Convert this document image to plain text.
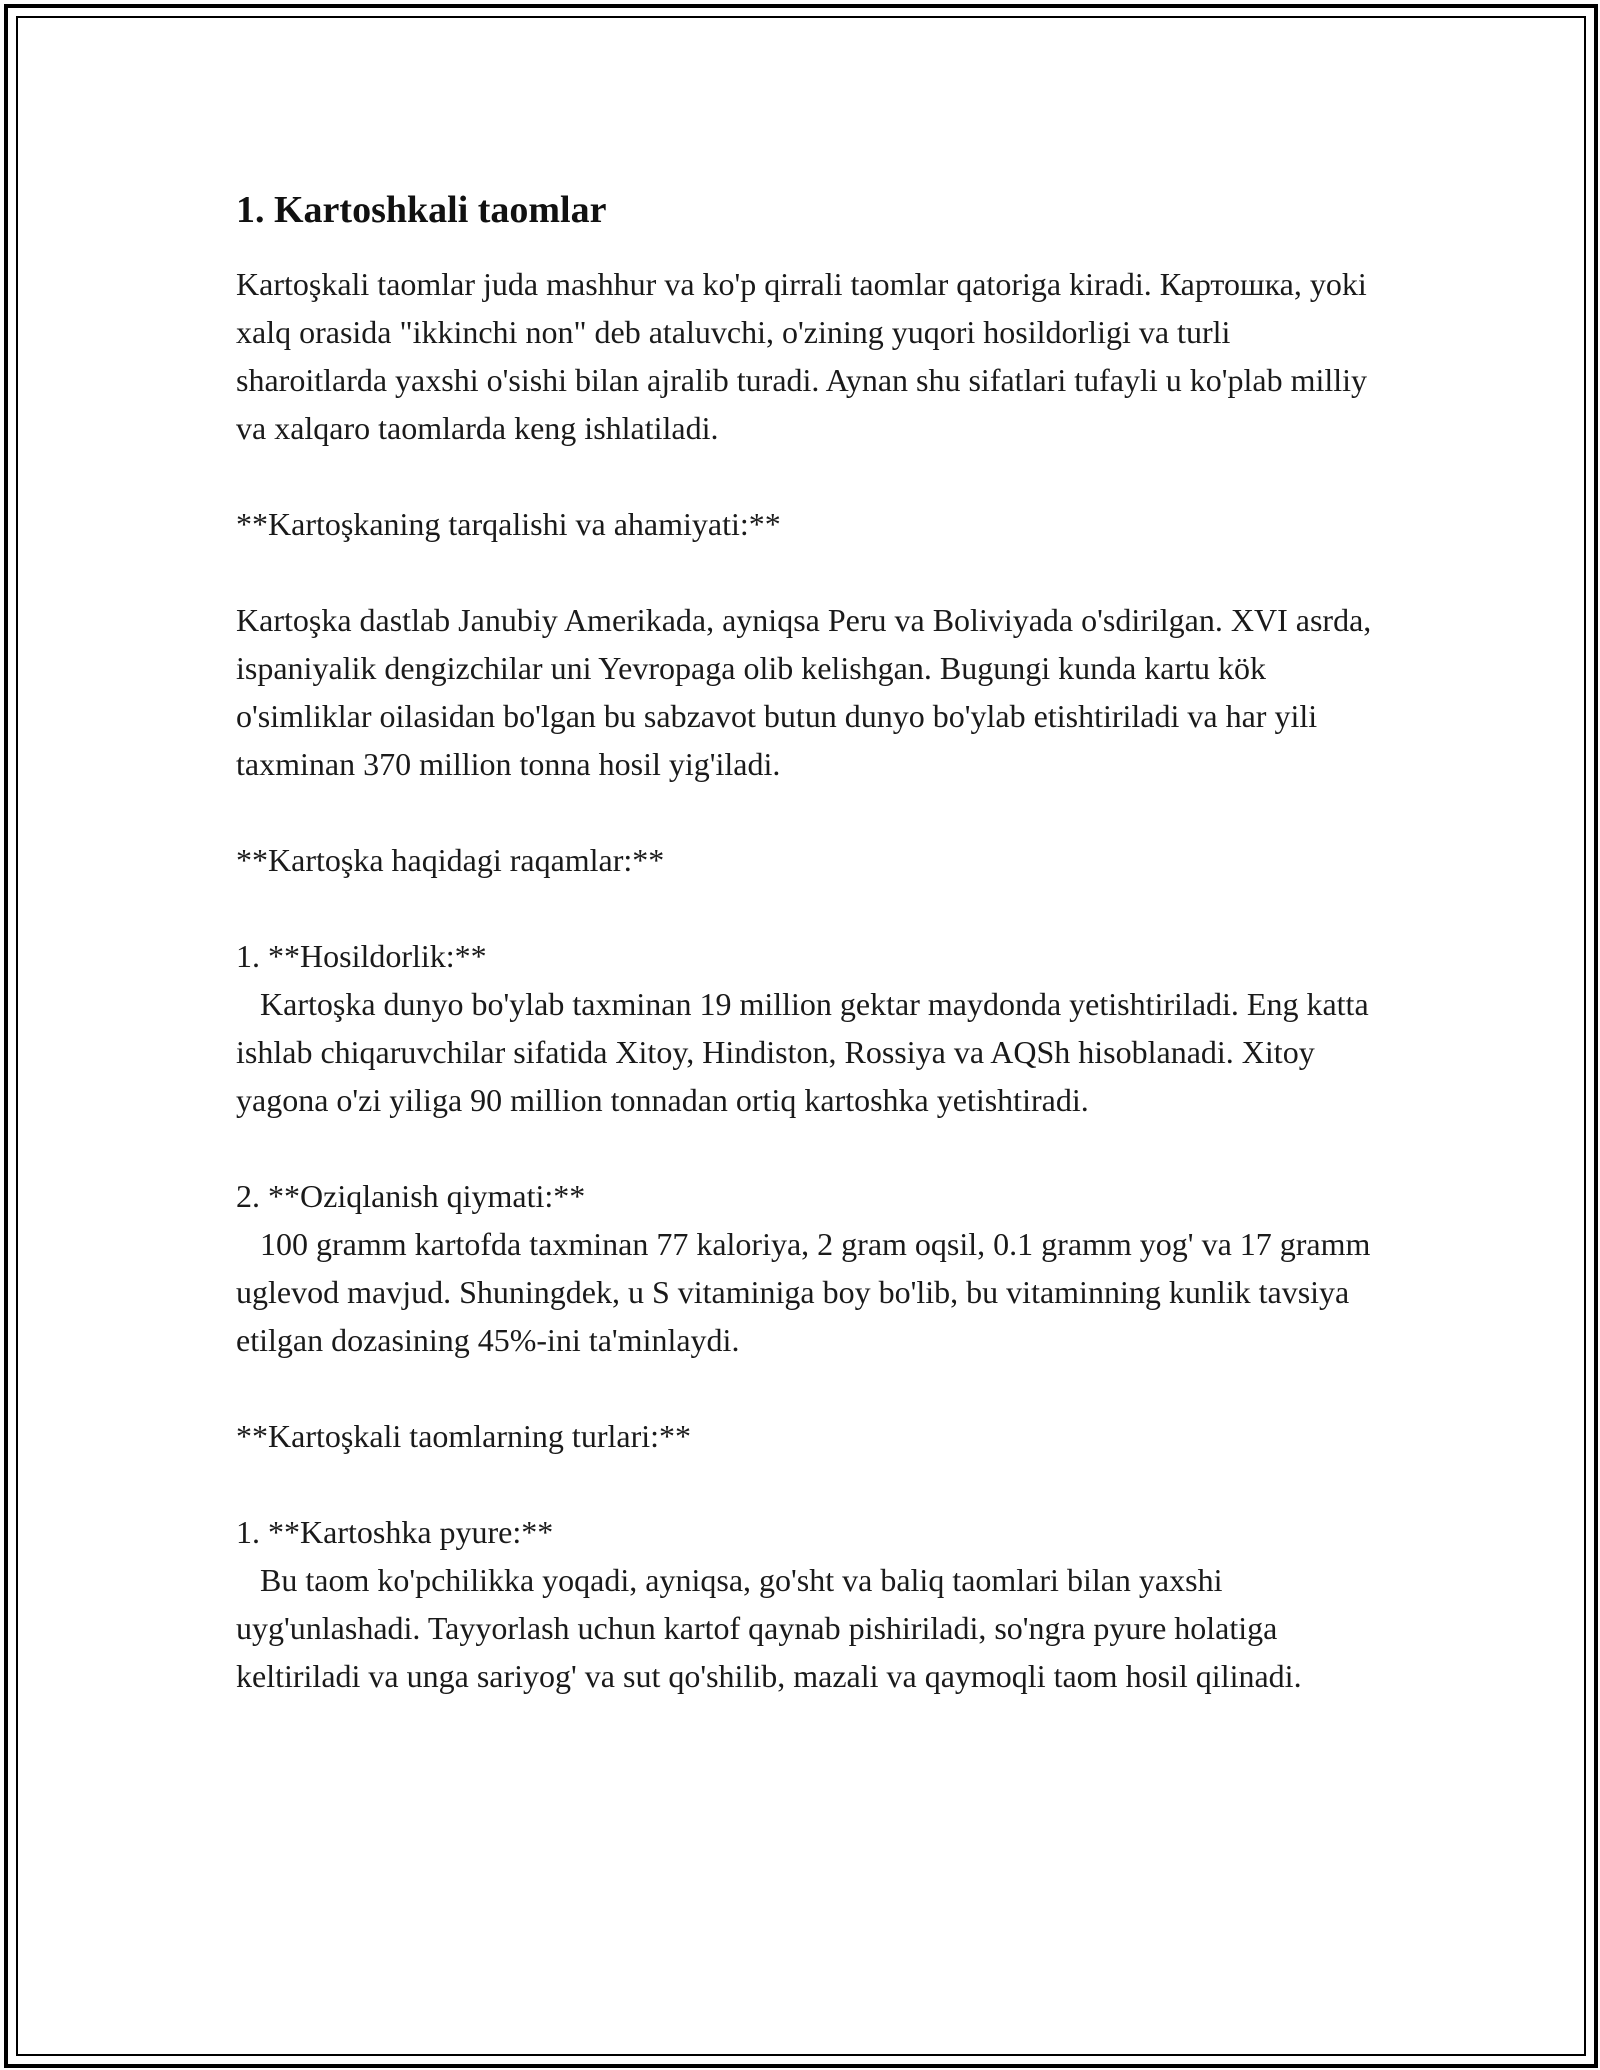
1. Kartoshkali taomlar

Kartoşkali taomlar juda mashhur va ko'p qirrali taomlar qatoriga kiradi. Картошка, yoki xalq orasida "ikkinchi non" deb ataluvchi, o'zining yuqori hosildorligi va turli sharoitlarda yaxshi o'sishi bilan ajralib turadi. Aynan shu sifatlari tufayli u ko'plab milliy va xalqaro taomlarda keng ishlatiladi.

**Kartoşkaning tarqalishi va ahamiyati:**

Kartoşka dastlab Janubiy Amerikada, ayniqsa Peru va Boliviyada o'sdirilgan. XVI asrda, ispaniyalik dengizchilar uni Yevropaga olib kelishgan. Bugungi kunda kartu kök o'simliklar oilasidan bo'lgan bu sabzavot butun dunyo bo'ylab etishtiriladi va har yili taxminan 370 million tonna hosil yig'iladi.

**Kartoşka haqidagi raqamlar:**

1. **Hosildorlik:**

Kartoşka dunyo bo'ylab taxminan 19 million gektar maydonda yetishtiriladi. Eng katta ishlab chiqaruvchilar sifatida Xitoy, Hindiston, Rossiya va AQSh hisoblanadi. Xitoy yagona o'zi yiliga 90 million tonnadan ortiq kartoshka yetishtiradi.

2. **Oziqlanish qiymati:**

100 gramm kartofda taxminan 77 kaloriya, 2 gram oqsil, 0.1 gramm yog' va 17 gramm uglevod mavjud. Shuningdek, u S vitaminiga boy bo'lib, bu vitaminning kunlik tavsiya etilgan dozasining 45%-ini ta'minlaydi.

**Kartoşkali taomlarning turlari:**

1. **Kartoshka pyure:**

Bu taom ko'pchilikka yoqadi, ayniqsa, go'sht va baliq taomlari bilan yaxshi uyg'unlashadi. Tayyorlash uchun kartof qaynab pishiriladi, so'ngra pyure holatiga keltiriladi va unga sariyog' va sut qo'shilib, mazali va qaymoqli taom hosil qilinadi.
